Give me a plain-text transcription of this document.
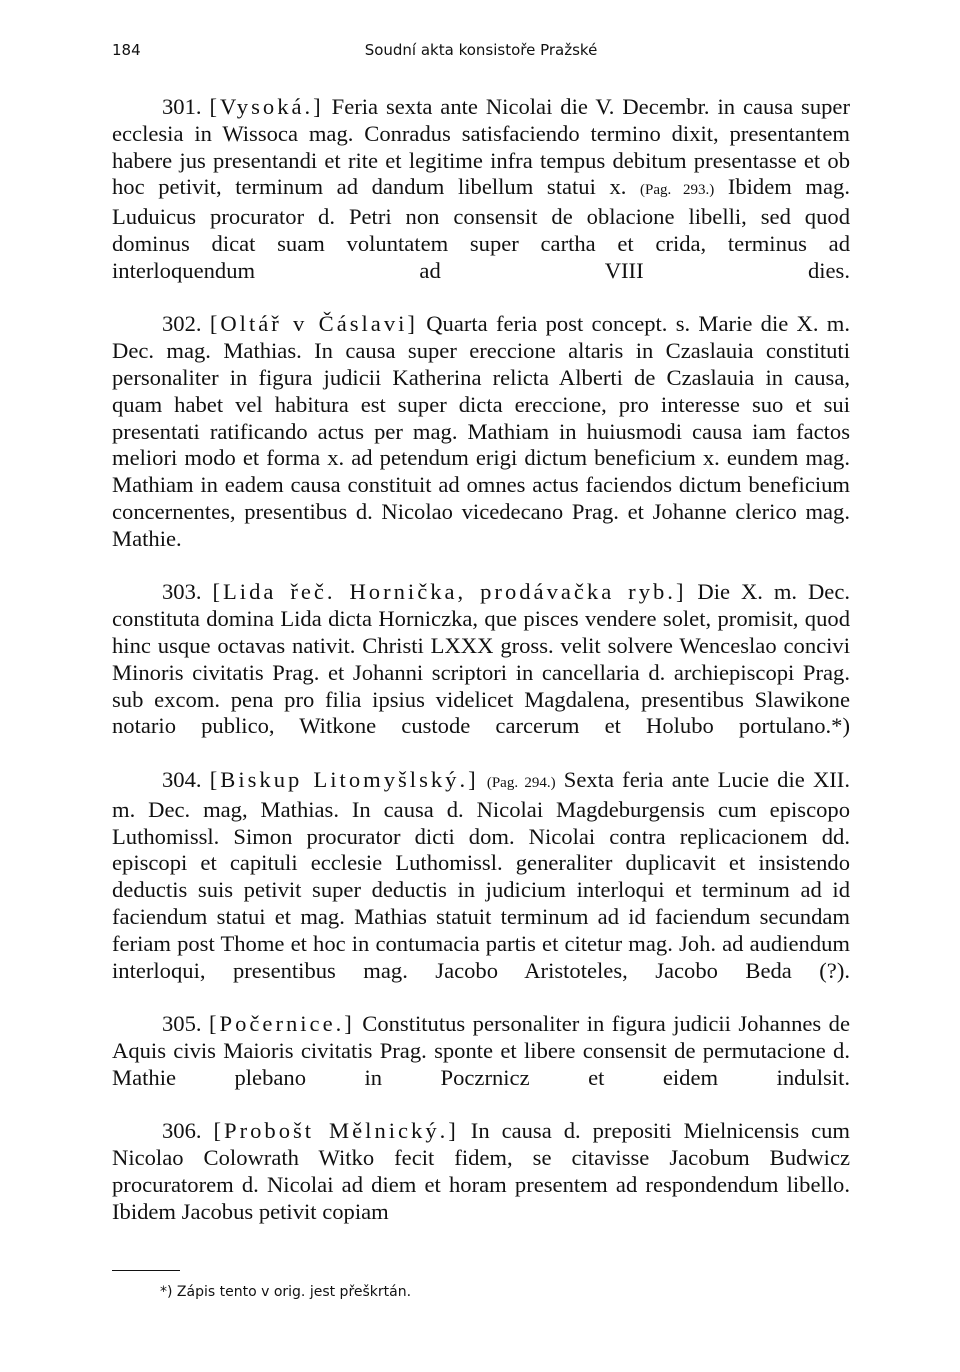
184	Soudní akta konsistoře Pražské

301. [Vysoká.] Feria sexta ante Nicolai die V. Decembr. in causa super ecclesia in Wissoca mag. Conradus satisfaciendo termino dixit, presentantem habere jus presentandi et rite et legitime infra tempus debitum presentasse et ob hoc petivit, terminum ad dandum libellum statui x. (Pag. 293.) Ibidem mag. Luduicus procurator d. Petri non consensit de oblacione libelli, sed quod dominus dicat suam voluntatem super cartha et crida, terminus ad interloquendum ad VIII dies.

302. [Oltář v Čáslavi] Quarta feria post concept. s. Marie die X. m. Dec. mag. Mathias. In causa super ereccione altaris in Czaslauia constituti personaliter in figura judicii Katherina relicta Alberti de Czaslauia in causa, quam habet vel habitura est super dicta ereccione, pro interesse suo et sui presentati ratificando actus per mag. Mathiam in huiusmodi causa iam factos meliori modo et forma x. ad petendum erigi dictum beneficium x. eundem mag. Mathiam in eadem causa constituit ad omnes actus faciendos dictum beneficium concernentes, presentibus d. Nicolao vicedecano Prag. et Johanne clerico mag. Mathie.

303. [Lida řeč. Hornička, prodávačka ryb.] Die X. m. Dec. constituta domina Lida dicta Horniczka, que pisces vendere solet, promisit, quod hinc usque octavas nativit. Christi LXXX gross. velit solvere Wenceslao concivi Minoris civitatis Prag. et Johanni scriptori in cancellaria d. archiepiscopi Prag. sub excom. pena pro filia ipsius videlicet Magdalena, presentibus Slawikone notario publico, Witkone custode carcerum et Holubo portulano.*)

304. [Biskup Litomyšlský.] (Pag. 294.) Sexta feria ante Lucie die XII. m. Dec. mag, Mathias. In causa d. Nicolai Magdeburgensis cum episcopo Luthomissl. Simon procurator dicti dom. Nicolai contra replicacionem dd. episcopi et capituli ecclesie Luthomissl. generaliter duplicavit et insistendo deductis suis petivit super deductis in judicium interloqui et terminum ad id faciendum statui et mag. Mathias statuit terminum ad id faciendum secundam feriam post Thome et hoc in contumacia partis et citetur mag. Joh. ad audiendum interloqui, presentibus mag. Jacobo Aristoteles, Jacobo Beda (?).

305. [Počernice.] Constitutus personaliter in figura judicii Johannes de Aquis civis Maioris civitatis Prag. sponte et libere consensit de permutacione d. Mathie plebano in Poczrnicz et eidem indulsit.

306. [Probošt Mělnický.] In causa d. prepositi Mielnicensis cum Nicolao Colowrath Witko fecit fidem, se citavisse Jacobum Budwicz procuratorem d. Nicolai ad diem et horam presentem ad respondendum libello. Ibidem Jacobus petivit copiam

*) Zápis tento v orig. jest přeškrtán.
